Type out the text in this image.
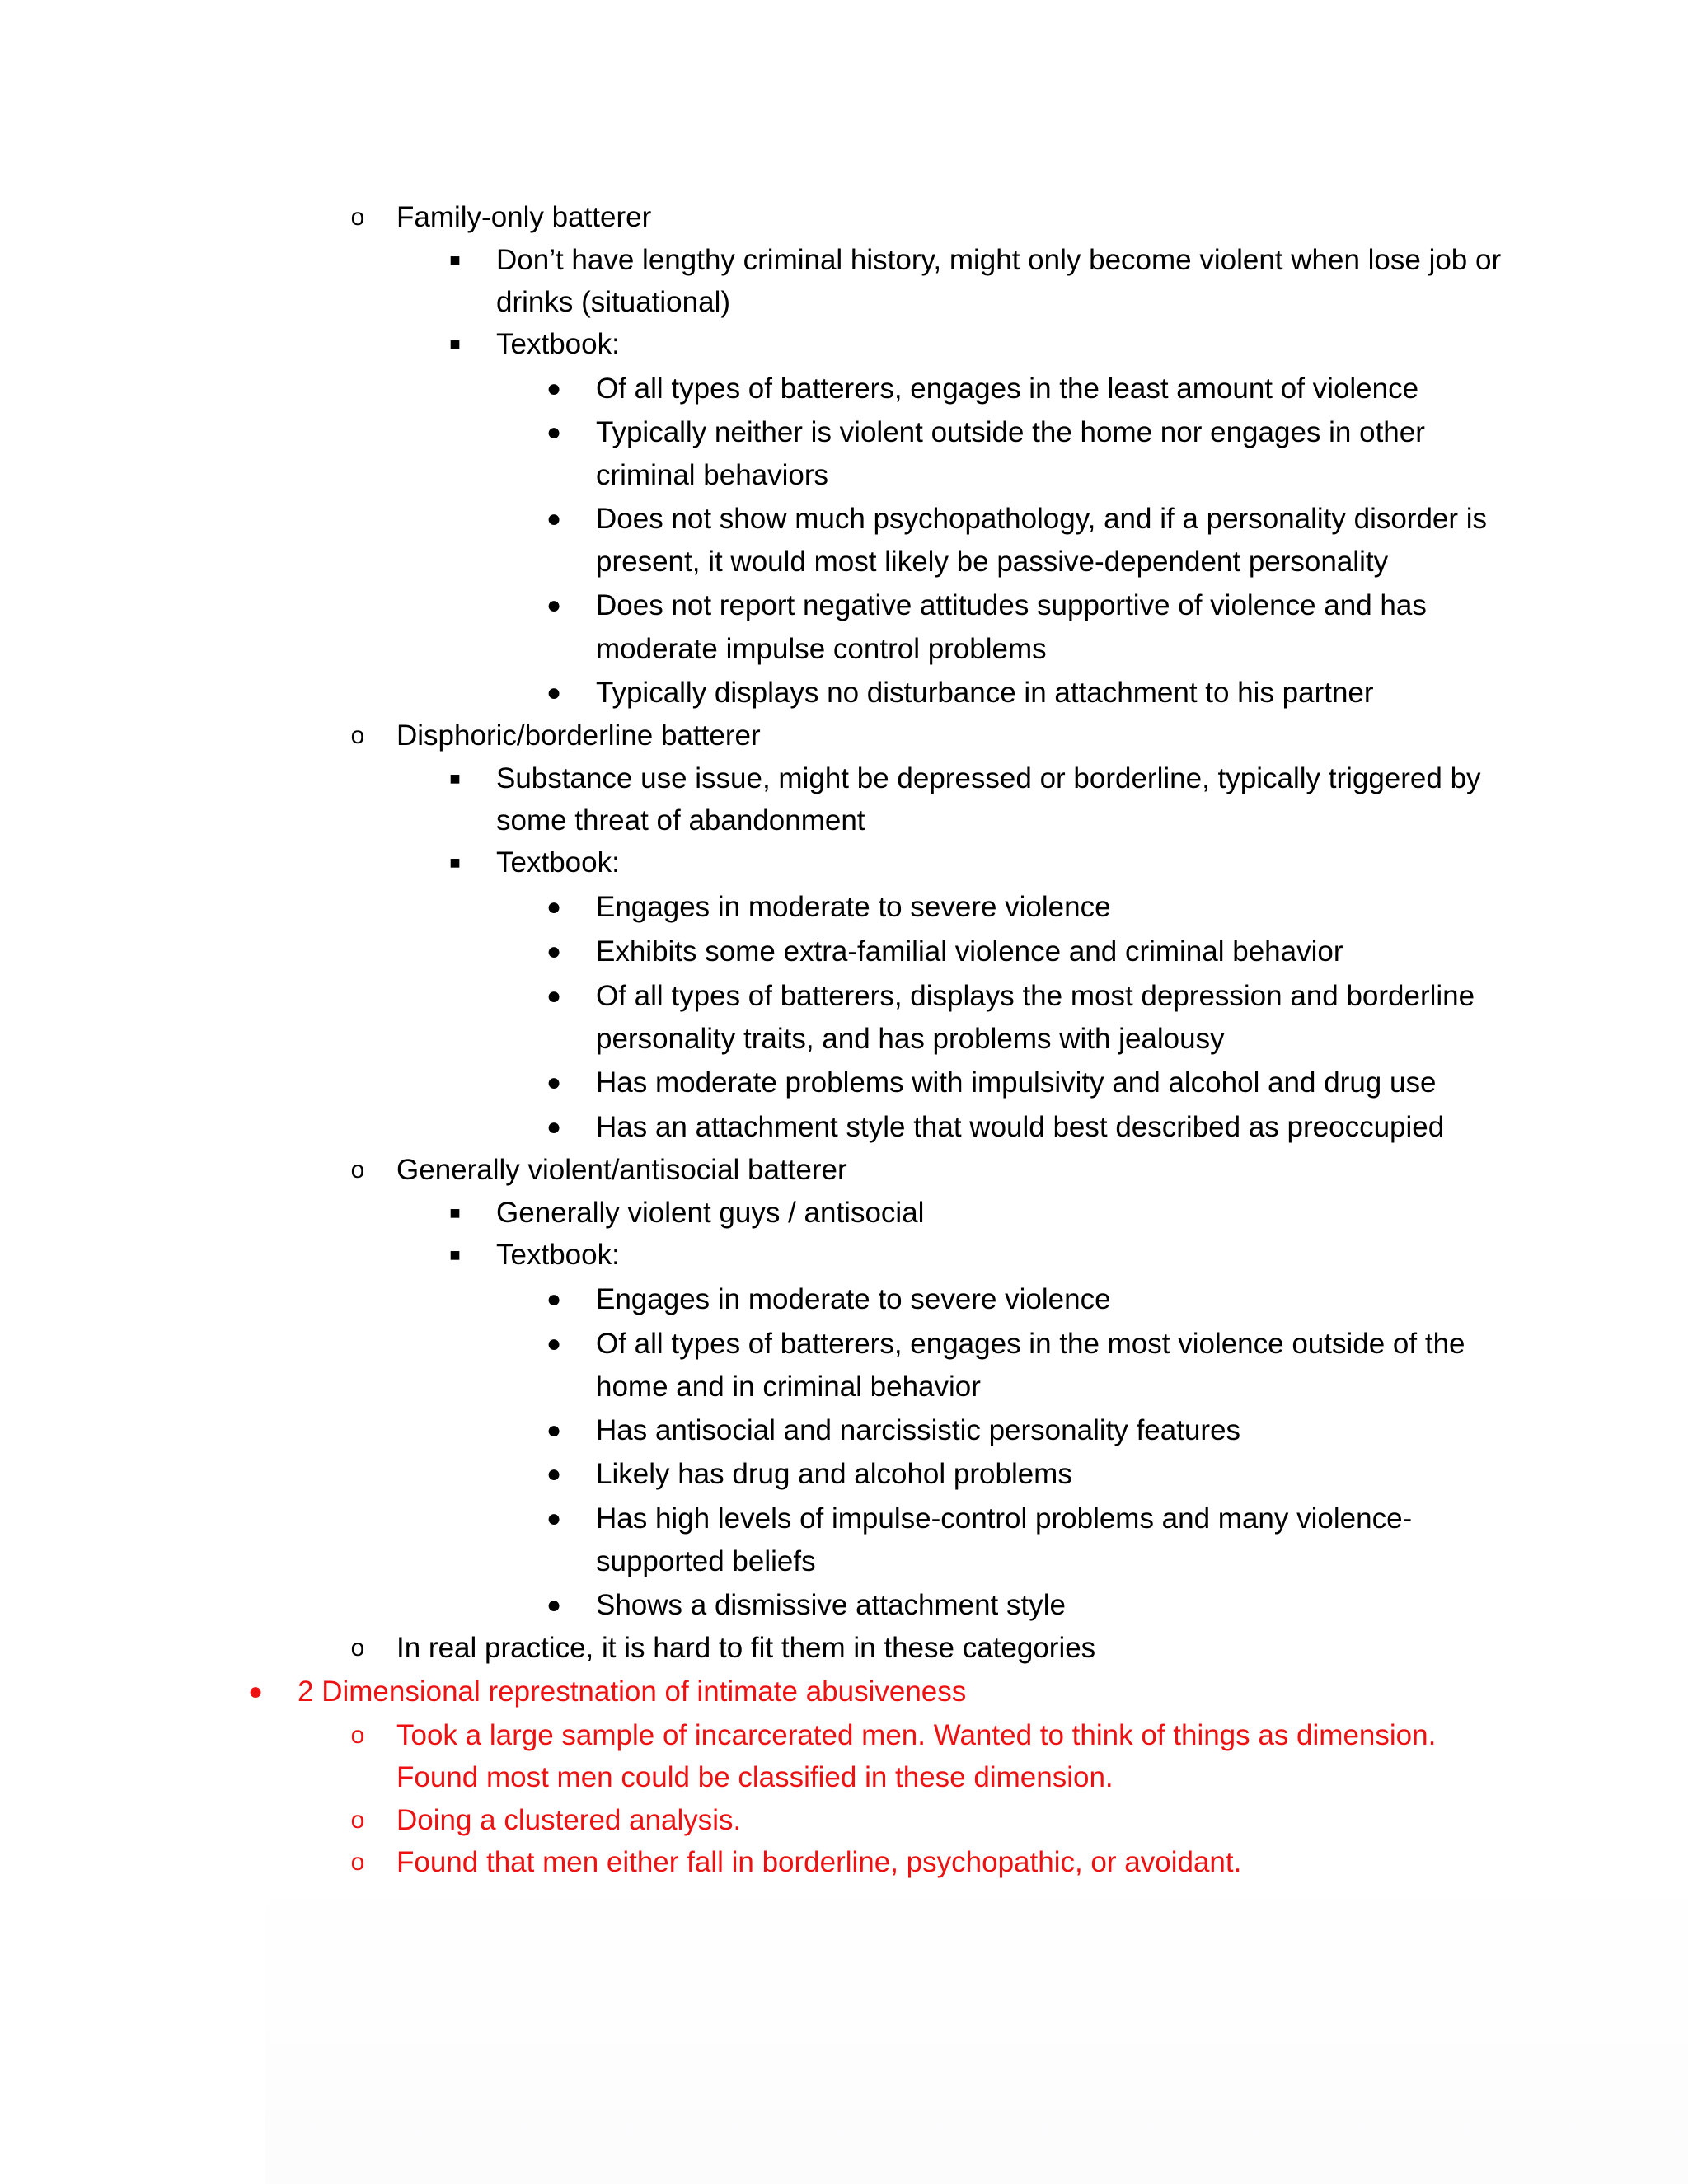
o	Family-only batterer
■	Don’t have lengthy criminal history, might only become violent when lose job or
drinks (situational)
■	Textbook:
●	Of all types of batterers, engages in the least amount of violence
●	Typically neither is violent outside the home nor engages in other
criminal behaviors
●	Does not show much psychopathology, and if a personality disorder is
present, it would most likely be passive-dependent personality
●	Does not report negative attitudes supportive of violence and has
moderate impulse control problems
●	Typically displays no disturbance in attachment to his partner
o	Disphoric/borderline batterer
■	Substance use issue, might be depressed or borderline, typically triggered by
some threat of abandonment
■	Textbook:
●	Engages in moderate to severe violence
●	Exhibits some extra-familial violence and criminal behavior
●	Of all types of batterers, displays the most depression and borderline
personality traits, and has problems with jealousy
●	Has moderate problems with impulsivity and alcohol and drug use
●	Has an attachment style that would best described as preoccupied
o	Generally violent/antisocial batterer
■	Generally violent guys / antisocial
■	Textbook:
●	Engages in moderate to severe violence
●	Of all types of batterers, engages in the most violence outside of the
home and in criminal behavior
●	Has antisocial and narcissistic personality features
●	Likely has drug and alcohol problems
●	Has high levels of impulse-control problems and many violence-
supported beliefs
●	Shows a dismissive attachment style
o	In real practice, it is hard to fit them in these categories
●	2 Dimensional represtnation of intimate abusiveness
o	Took a large sample of incarcerated men. Wanted to think of things as dimension.
Found most men could be classified in these dimension.
o	Doing a clustered analysis.
o	Found that men either fall in borderline, psychopathic, or avoidant.
